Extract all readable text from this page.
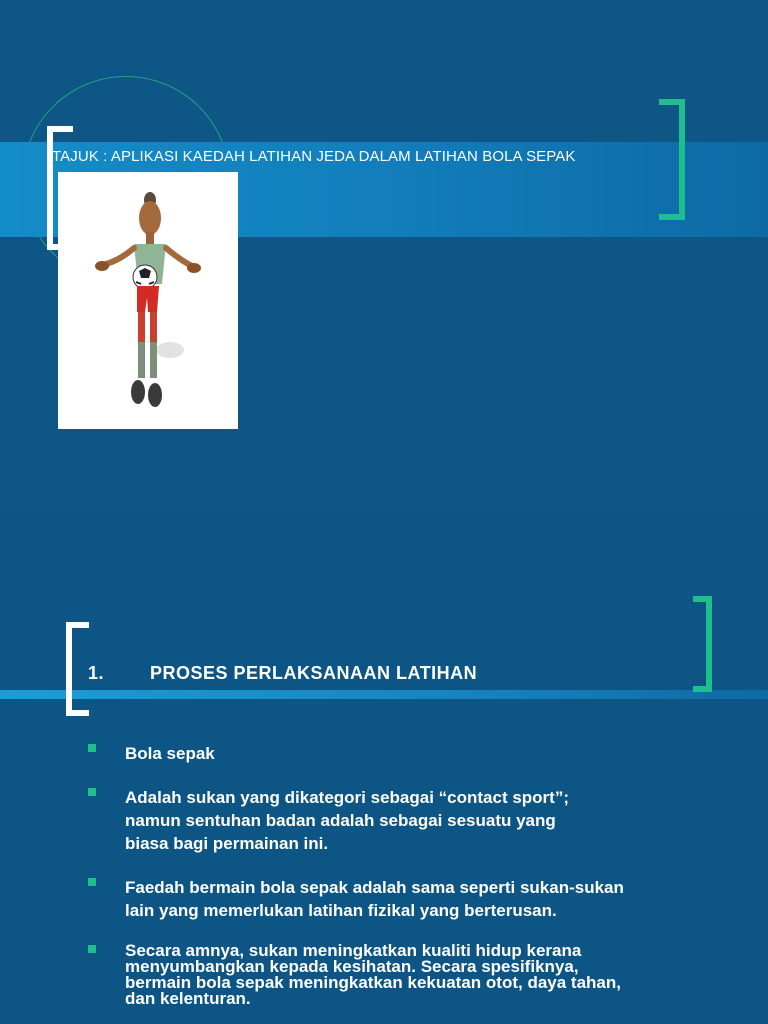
TAJUK : APLIKASI KAEDAH LATIHAN JEDA DALAM LATIHAN BOLA SEPAK
1.	PROSES PERLAKSANAAN LATIHAN
Bola sepak
Adalah sukan yang dikategori sebagai “contact sport”;
namun sentuhan badan adalah sebagai sesuatu yang
biasa bagi permainan ini.
Faedah bermain bola sepak adalah sama seperti sukan-sukan
lain yang memerlukan latihan fizikal yang berterusan.
Secara amnya, sukan meningkatkan kualiti hidup kerana
menyumbangkan kepada kesihatan. Secara spesifiknya,
bermain bola sepak meningkatkan kekuatan otot, daya tahan,
dan kelenturan.
